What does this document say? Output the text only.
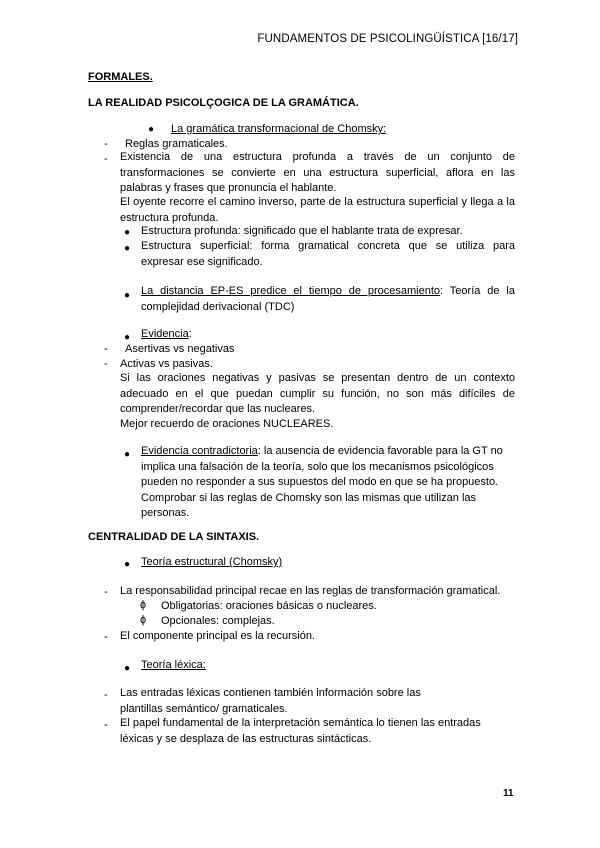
FUNDAMENTOS DE PSICOLINGÜÍSTICA [16/17]
FORMALES.
LA REALIDAD PSICOLÇOGICA DE LA GRAMÁTICA.
● La gramática transformacional de Chomsky:
- Reglas gramaticales.
- Existencia de una estructura profunda a través de un conjunto de transformaciones se convierte en una estructura superficial, aflora en las palabras y frases que pronuncia el hablante.
El oyente recorre el camino inverso, parte de la estructura superficial y llega a la estructura profunda.
● Estructura profunda: significado que el hablante trata de expresar.
● Estructura superficial: forma gramatical concreta que se utiliza para expresar ese significado.
● La distancia EP-ES predice el tiempo de procesamiento: Teoría de la complejidad derivacional (TDC)
● Evidencia:
- Asertivas vs negativas
- Activas vs pasivas.
Si las oraciones negativas y pasivas se presentan dentro de un contexto adecuado en el que puedan cumplir su función, no son más difíciles de comprender/recordar que las nucleares.
Mejor recuerdo de oraciones NUCLEARES.
● Evidencia contradictoria: la ausencia de evidencia favorable para la GT no implica una falsación de la teoría, solo que los mecanismos psicológicos pueden no responder a sus supuestos del modo en que se ha propuesto. Comprobar si las reglas de Chomsky son las mismas que utilizan las personas.
CENTRALIDAD DE LA SINTAXIS.
● Teoría estructural (Chomsky)
- La responsabilidad principal recae en las reglas de transformación gramatical.
ɸ Obligatorias: oraciones básicas o nucleares.
ɸ Opcionales: complejas.
- El componente principal es la recursión.
● Teoría léxica:
- Las entradas léxicas contienen también información sobre las plantillas semántico/ gramaticales.
- El papel fundamental de la interpretación semántica lo tienen las entradas léxicas y se desplaza de las estructuras sintácticas.
11
